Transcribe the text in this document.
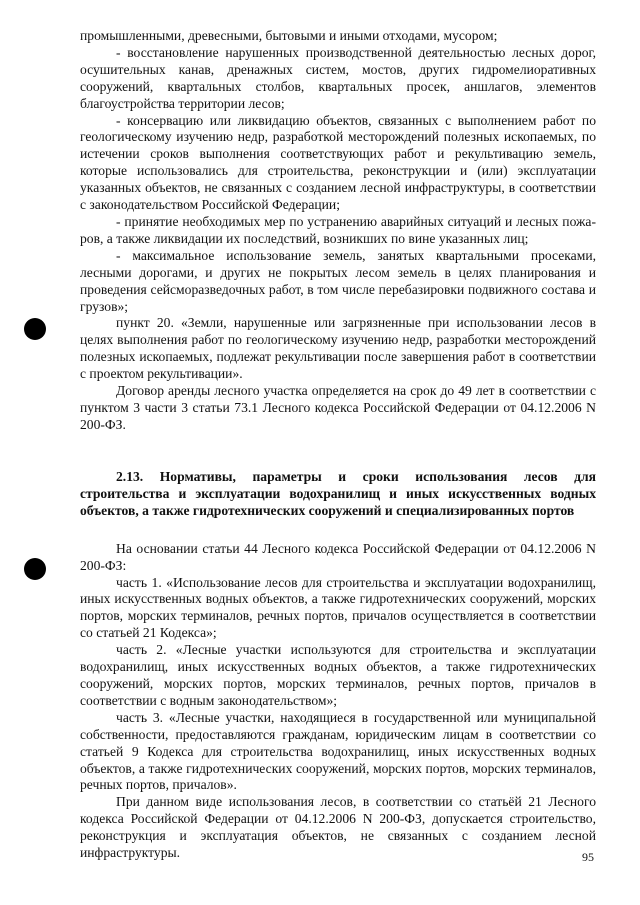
промышленными, древесными, бытовыми и иными отходами, мусором;

- восстановление нарушенных производственной деятельностью лесных дорог, осушительных канав, дренажных систем, мостов, других гидромелиоративных сооружений, квартальных столбов, квартальных просек, аншлагов, элементов благоустройства территории лесов;

- консервацию или ликвидацию объектов, связанных с выполнением работ по геологическому изучению недр, разработкой месторождений полезных ископаемых, по истечении сроков выполнения соответствующих работ и рекультивацию земель, которые использовались для строительства, реконструкции и (или) эксплуатации указанных объектов, не связанных с созданием лесной инфраструктуры, в соответствии с законодательством Российской Федерации;

- принятие необходимых мер по устранению аварийных ситуаций и лесных пожа-ров, а также ликвидации их последствий, возникших по вине указанных лиц;

- максимальное использование земель, занятых квартальными просеками, лесными дорогами, и других не покрытых лесом земель в целях планирования и проведения сейсморазведочных работ, в том числе перебазировки подвижного состава и грузов»;

пункт 20. «Земли, нарушенные или загрязненные при использовании лесов в целях выполнения работ по геологическому изучению недр, разработки месторождений полезных ископаемых, подлежат рекультивации после завершения работ в соответствии с проектом рекультивации».

Договор аренды лесного участка определяется на срок до 49 лет в соответствии с пунктом 3 части 3 статьи 73.1 Лесного кодекса Российской Федерации от 04.12.2006 N 200-ФЗ.

2.13. Нормативы, параметры и сроки использования лесов для строительства и эксплуатации водохранилищ и иных искусственных водных объектов, а также гидротехнических сооружений и специализированных портов

На основании статьи 44 Лесного кодекса Российской Федерации от 04.12.2006 N 200-ФЗ:

часть 1. «Использование лесов для строительства и эксплуатации водохранилищ, иных искусственных водных объектов, а также гидротехнических сооружений, морских портов, морских терминалов, речных портов, причалов осуществляется в соответствии со статьей 21 Кодекса»;

часть 2. «Лесные участки используются для строительства и эксплуатации водохранилищ, иных искусственных водных объектов, а также гидротехнических сооружений, морских портов, морских терминалов, речных портов, причалов в соответствии с водным законодательством»;

часть 3. «Лесные участки, находящиеся в государственной или муниципальной собственности, предоставляются гражданам, юридическим лицам в соответствии со статьей 9 Кодекса для строительства водохранилищ, иных искусственных водных объектов, а также гидротехнических сооружений, морских портов, морских терминалов, речных портов, причалов».

При данном виде использования лесов, в соответствии со статьёй 21 Лесного кодекса Российской Федерации от 04.12.2006 N 200-ФЗ, допускается строительство, реконструкция и эксплуатация объектов, не связанных с созданием лесной инфраструктуры.	95
